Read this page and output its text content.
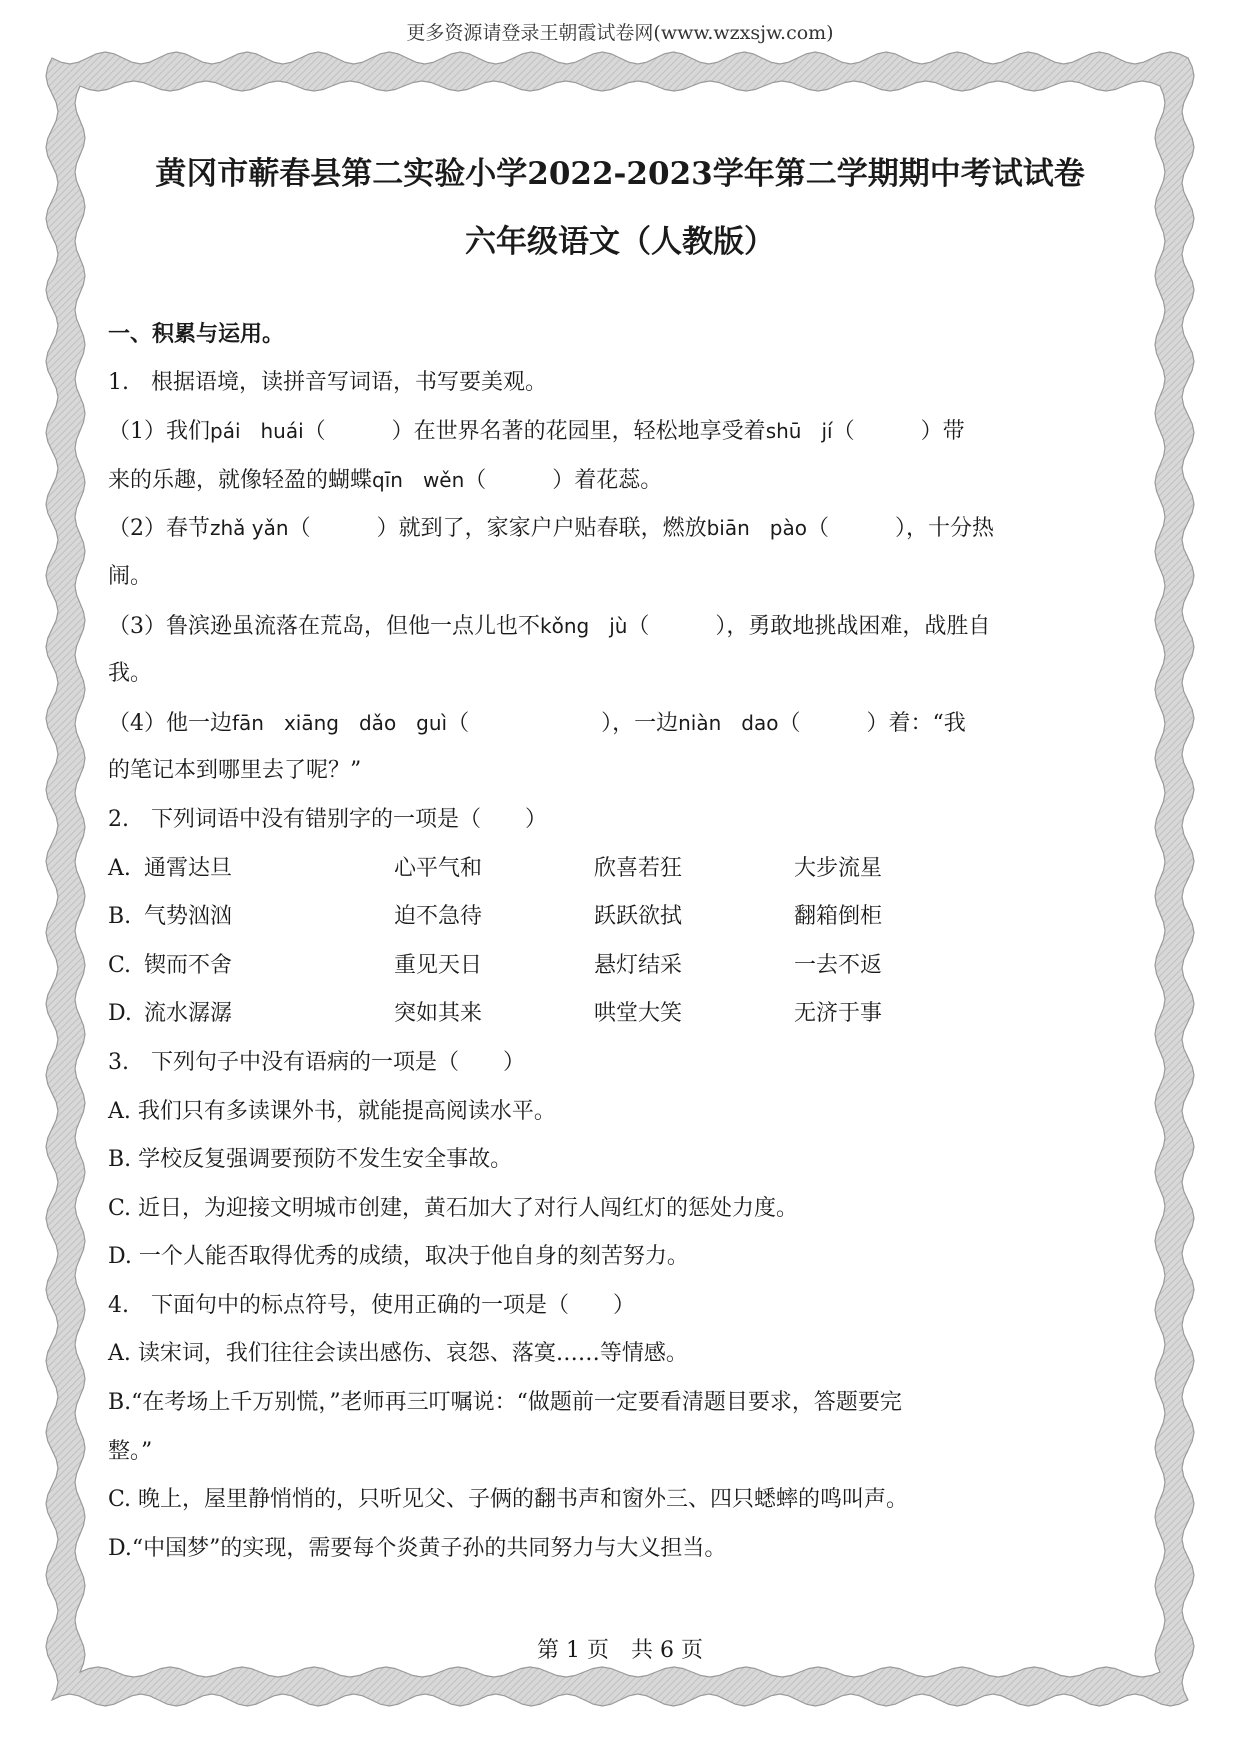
更多资源请登录王朝霞试卷网(www.wzxsjw.com)
黄冈市蕲春县第二实验小学2022-2023学年第二学期期中考试试卷
六年级语文（人教版）
一、积累与运用。
1.　根据语境，读拼音写词语，书写要美观。
（1）我们pái　huái（　　　）在世界名著的花园里，轻松地享受着shū　jí（　　　）带
来的乐趣，就像轻盈的蝴蝶qīn　wěn（　　　）着花蕊。
（2）春节zhǎ yǎn（　　　）就到了，家家户户贴春联，燃放biān　pào（　　　），十分热
闹。
（3）鲁滨逊虽流落在荒岛，但他一点儿也不kǒng　jù（　　　），勇敢地挑战困难，战胜自
我。
（4）他一边fān　xiāng　dǎo　guì（　　　　　　），一边niàn　dao（　　　）着：“我
的笔记本到哪里去了呢？”
2.　下列词语中没有错别字的一项是（　　）
A. 通霄达旦	心平气和	欣喜若狂	大步流星
B. 气势汹汹	迫不急待	跃跃欲拭	翻箱倒柜
C. 锲而不舍	重见天日	悬灯结采	一去不返
D. 流水潺潺	突如其来	哄堂大笑	无济于事
3.　下列句子中没有语病的一项是（　　）
A. 我们只有多读课外书，就能提高阅读水平。
B. 学校反复强调要预防不发生安全事故。
C. 近日，为迎接文明城市创建，黄石加大了对行人闯红灯的惩处力度。
D. 一个人能否取得优秀的成绩，取决于他自身的刻苦努力。
4.　下面句中的标点符号，使用正确的一项是（　　）
A. 读宋词，我们往往会读出感伤、哀怨、落寞……等情感。
B.“在考场上千万别慌，”老师再三叮嘱说：“做题前一定要看清题目要求，答题要完
整。”
C. 晚上，屋里静悄悄的，只听见父、子俩的翻书声和窗外三、四只蟋蟀的鸣叫声。
D.“中国梦”的实现，需要每个炎黄子孙的共同努力与大义担当。
第 1 页　共 6 页
